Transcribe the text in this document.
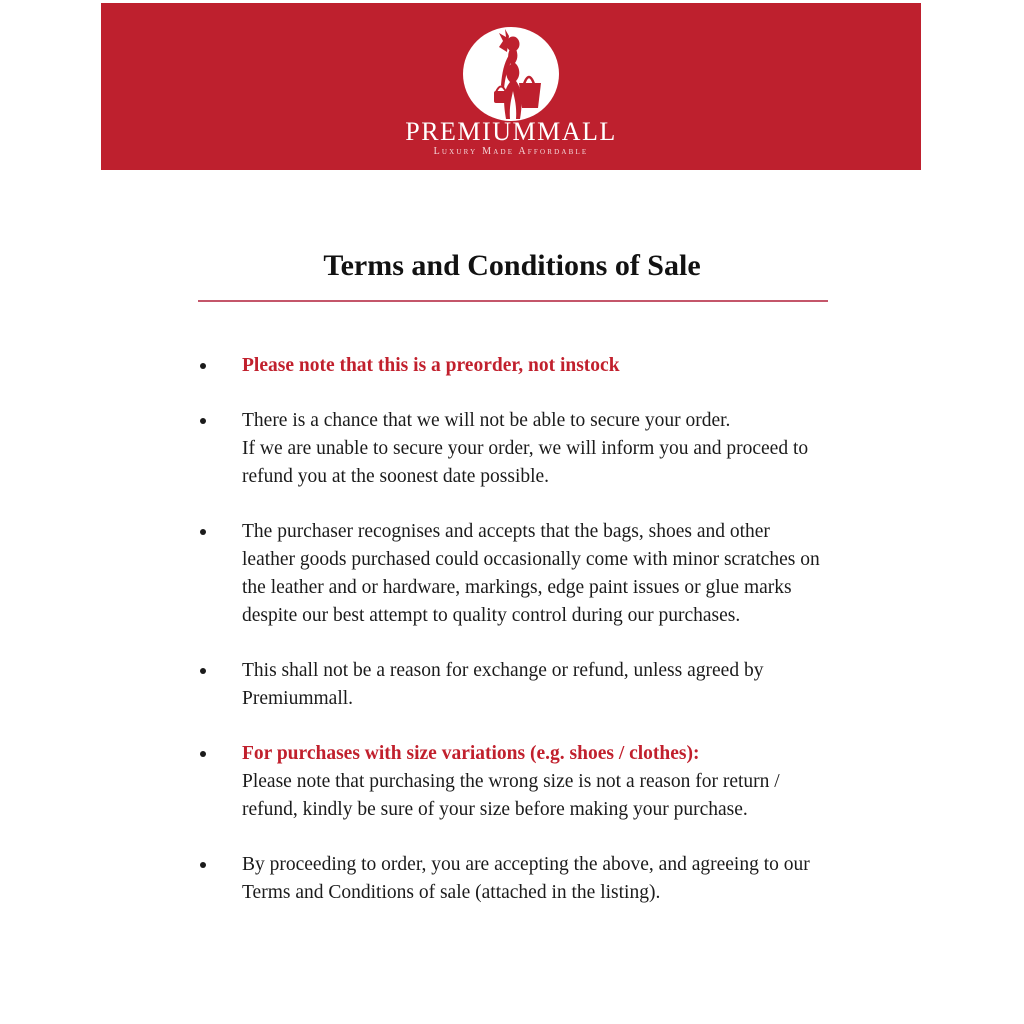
PREMIUMMALL
Luxury Made Affordable
Terms and Conditions of Sale
Please note that this is a preorder, not instock
There is a chance that we will not be able to secure your order.
If we are unable to secure your order, we will inform you and proceed to
refund you at the soonest date possible.
The purchaser recognises and accepts that the bags, shoes and other
leather goods purchased could occasionally come with minor scratches on
the leather and or hardware, markings, edge paint issues or glue marks
despite our best attempt to quality control during our purchases.
This shall not be a reason for exchange or refund, unless agreed by
Premiummall.
For purchases with size variations (e.g. shoes / clothes):
Please note that purchasing the wrong size is not a reason for return /
refund, kindly be sure of your size before making your purchase.
By proceeding to order, you are accepting the above, and agreeing to our
Terms and Conditions of sale (attached in the listing).
